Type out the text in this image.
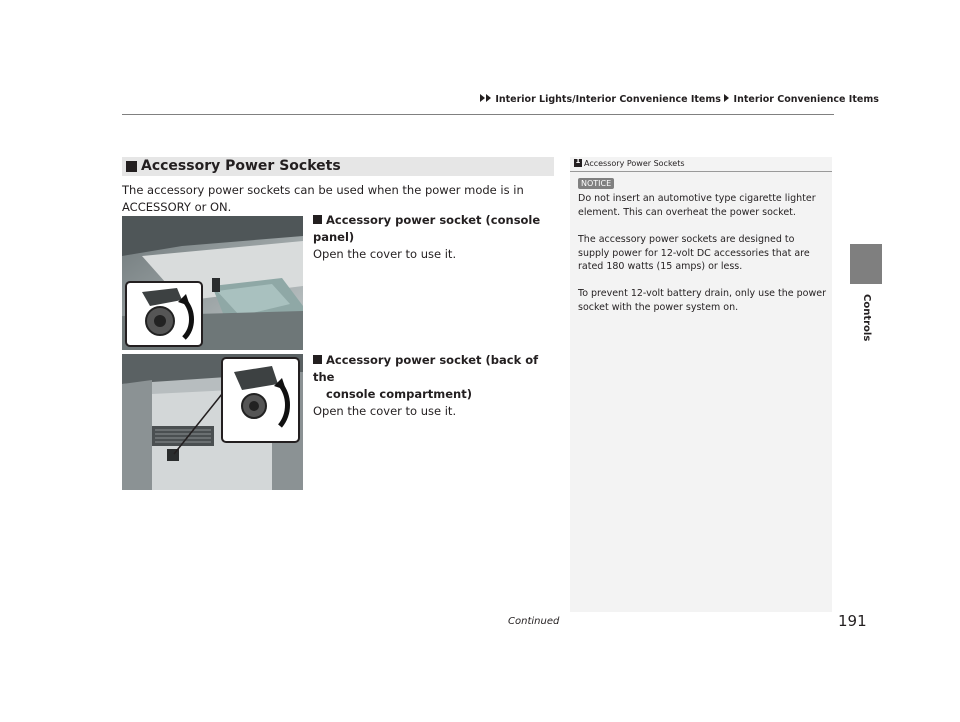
Interior Lights/Interior Convenience Items Interior Convenience Items
Controls
Accessory Power Sockets
The accessory power sockets can be used when the power mode is in ACCESSORY or ON.
Accessory power socket (console panel)
Open the cover to use it.
Accessory power socket (back of the
console compartment)
Open the cover to use it.
1Accessory Power Sockets
NOTICE
Do not insert an automotive type cigarette lighter element. This can overheat the power socket.
The accessory power sockets are designed to supply power for 12-volt DC accessories that are rated 180 watts (15 amps) or less.
To prevent 12-volt battery drain, only use the power socket with the power system on.
Continued	191
